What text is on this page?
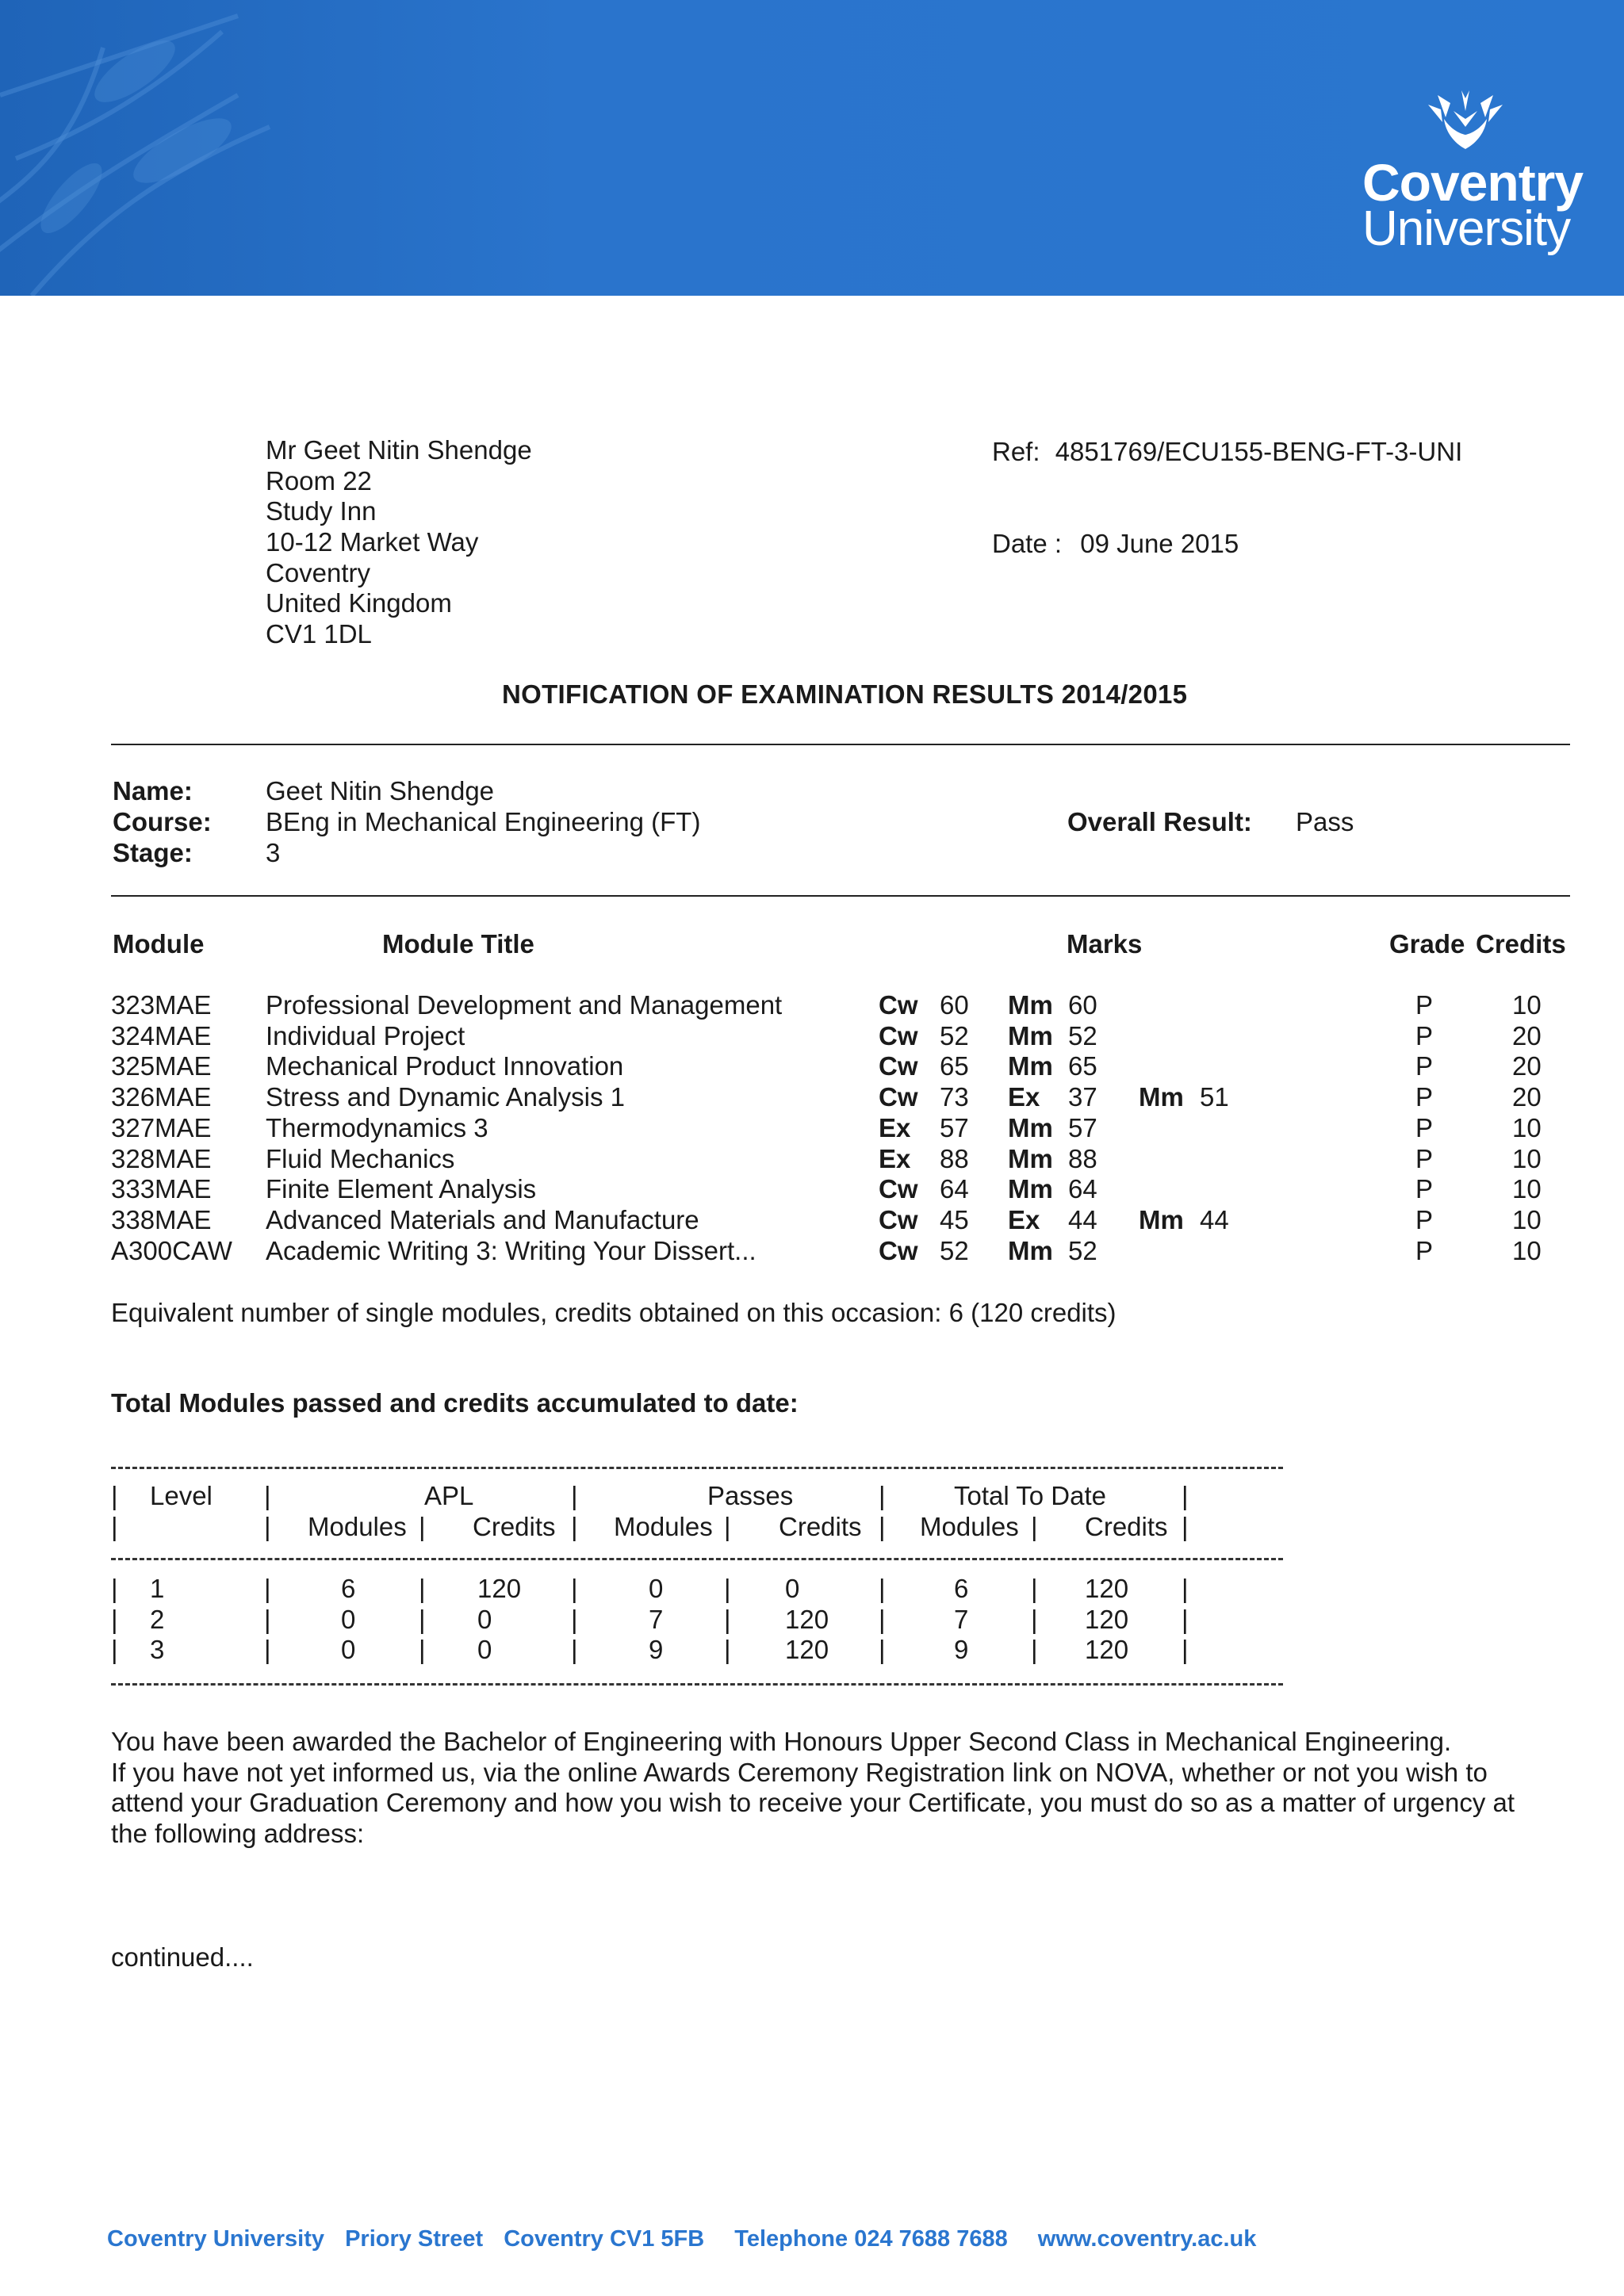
Coventry
University
Mr Geet Nitin Shendge
Room 22
Study Inn
10-12 Market Way
Coventry
United Kingdom
CV1 1DL
Ref: 4851769/ECU155-BENG-FT-3-UNI
Date : 09 June 2015
NOTIFICATION OF EXAMINATION RESULTS 2014/2015
Name:	Geet Nitin Shendge
Course: BEng in Mechanical Engineering (FT)
Stage:	3
Overall Result: Pass
Module	Module Title	Marks	Grade Credits
323MAE Professional Development and Management	Cw 60 Mm 60	P	10
324MAE Individual Project	Cw 52 Mm 52	P	20
325MAE Mechanical Product Innovation	Cw 65 Mm 65	P	20
326MAE Stress and Dynamic Analysis 1	Cw 73 Ex 37 Mm 51	P	20
327MAE Thermodynamics 3	Ex 57 Mm 57	P	10
328MAE Fluid Mechanics	Ex 88 Mm 88	P	10
333MAE Finite Element Analysis	Cw 64 Mm 64	P	10
338MAE Advanced Materials and Manufacture	Cw 45 Ex 44 Mm 44	P	10
A300CAW Academic Writing 3: Writing Your Dissert...	Cw 52 Mm 52	P	10
Equivalent number of single modules, credits obtained on this occasion: 6 (120 credits)
Total Modules passed and credits accumulated to date:
| Level |	APL	|	Passes	|	Total To Date	|
|	| Modules | Credits | Modules | Credits | Modules | Credits |
|	|	|	|	|	|	|	|
1	6	120	0	0	6	120
|	|	|	|	|	|	|	|
2	0	0	7	120	7	120
|	|	|	|	|	|	|	|
3	0	0	9	120	9	120
You have been awarded the Bachelor of Engineering with Honours Upper Second Class in Mechanical Engineering.
If you have not yet informed us, via the online Awards Ceremony Registration link on NOVA, whether or not you wish to
attend your Graduation Ceremony and how you wish to receive your Certificate, you must do so as a matter of urgency at
the following address:
continued....
Coventry University Priory Street Coventry CV1 5FB Telephone 024 7688 7688 www.coventry.ac.uk
